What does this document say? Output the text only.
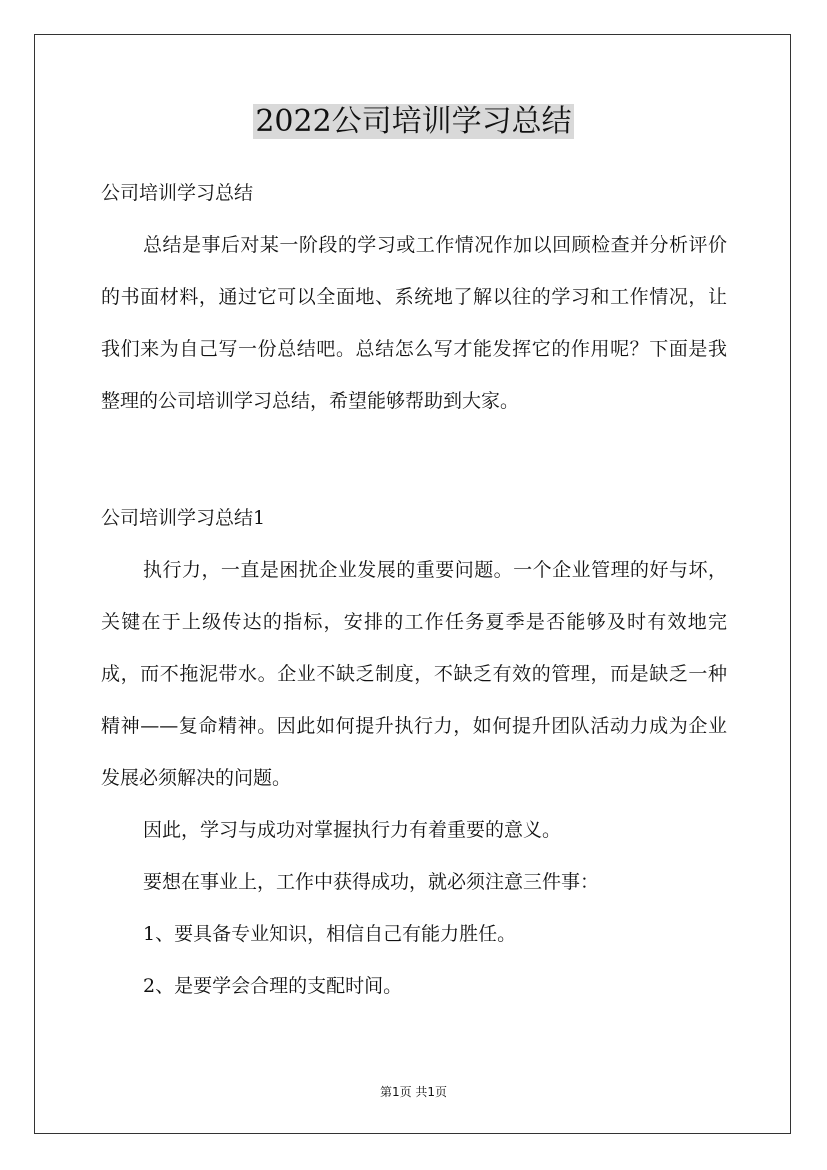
2022公司培训学习总结

公司培训学习总结

总结是事后对某一阶段的学习或工作情况作加以回顾检查并分析评价的书面材料，通过它可以全面地、系统地了解以往的学习和工作情况，让我们来为自己写一份总结吧。总结怎么写才能发挥它的作用呢？下面是我整理的公司培训学习总结，希望能够帮助到大家。

公司培训学习总结1

执行力，一直是困扰企业发展的重要问题。一个企业管理的好与坏，关键在于上级传达的指标，安排的工作任务夏季是否能够及时有效地完成，而不拖泥带水。企业不缺乏制度，不缺乏有效的管理，而是缺乏一种精神——复命精神。因此如何提升执行力，如何提升团队活动力成为企业发展必须解决的问题。

因此，学习与成功对掌握执行力有着重要的意义。

要想在事业上，工作中获得成功，就必须注意三件事：

1、要具备专业知识，相信自己有能力胜任。

2、是要学会合理的支配时间。

第1页 共1页
